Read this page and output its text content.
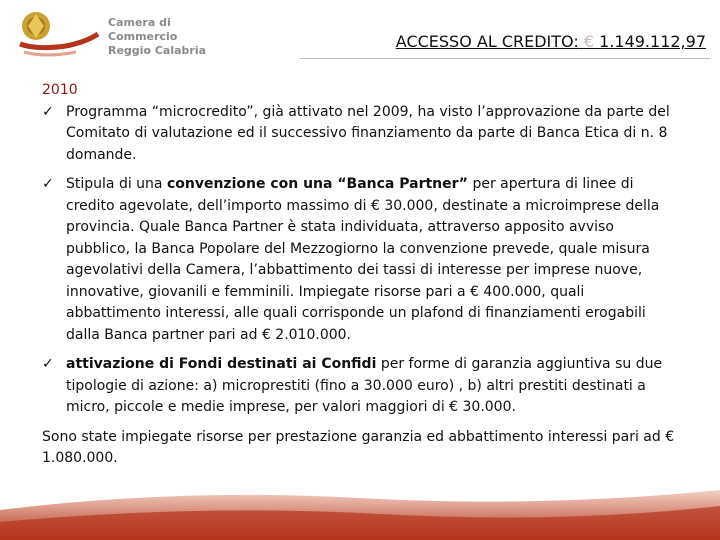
Camera di Commercio
Reggio Calabria	ACCESSO AL CREDITO: € 1.149.112,97
2010
✓ Programma “microcredito”, già attivato nel 2009, ha visto l’approvazione da parte del Comitato di valutazione ed il successivo finanziamento da parte di Banca Etica di n. 8 domande.
✓ Stipula di una convenzione con una “Banca Partner” per apertura di linee di credito agevolate, dell’importo massimo di € 30.000, destinate a microimprese della provincia. Quale Banca Partner è stata individuata, attraverso apposito avviso pubblico, la Banca Popolare del Mezzogiorno la convenzione prevede, quale misura agevolativi della Camera, l’abbattimento dei tassi di interesse per imprese nuove, innovative, giovanili e femminili. Impiegate risorse pari a € 400.000, quali abbattimento interessi, alle quali corrisponde un plafond di finanziamenti erogabili dalla Banca partner pari ad € 2.010.000.
✓ attivazione di Fondi destinati ai Confidi per forme di garanzia aggiuntiva su due tipologie di azione: a) microprestiti (fino a 30.000 euro) , b) altri prestiti destinati a micro, piccole e medie imprese, per valori maggiori di € 30.000.
Sono state impiegate risorse per prestazione garanzia ed abbattimento interessi pari ad € 1.080.000.
